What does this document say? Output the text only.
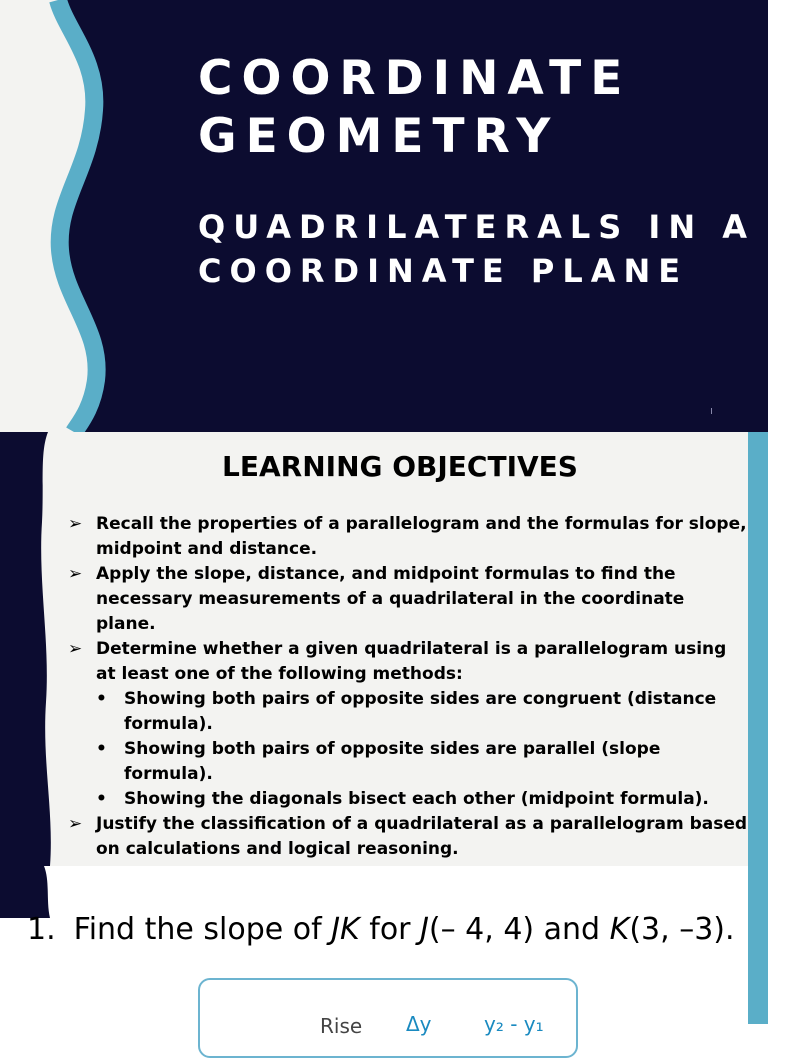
COORDINATE
GEOMETRY
QUADRILATERALS IN A
COORDINATE PLANE
LEARNING OBJECTIVES
➢ Recall the properties of a parallelogram and the formulas for slope, midpoint and distance.
➢ Apply the slope, distance, and midpoint formulas to find the necessary measurements of a quadrilateral in the coordinate plane.
➢ Determine whether a given quadrilateral is a parallelogram using at least one of the following methods:
• Showing both pairs of opposite sides are congruent (distance formula).
• Showing both pairs of opposite sides are parallel (slope formula).
• Showing the diagonals bisect each other (midpoint formula).
➢ Justify the classification of a quadrilateral as a parallelogram based on calculations and logical reasoning.
1. Find the slope of JK for J(– 4, 4) and K(3, –3).
Rise Δy	y₂ - y₁
